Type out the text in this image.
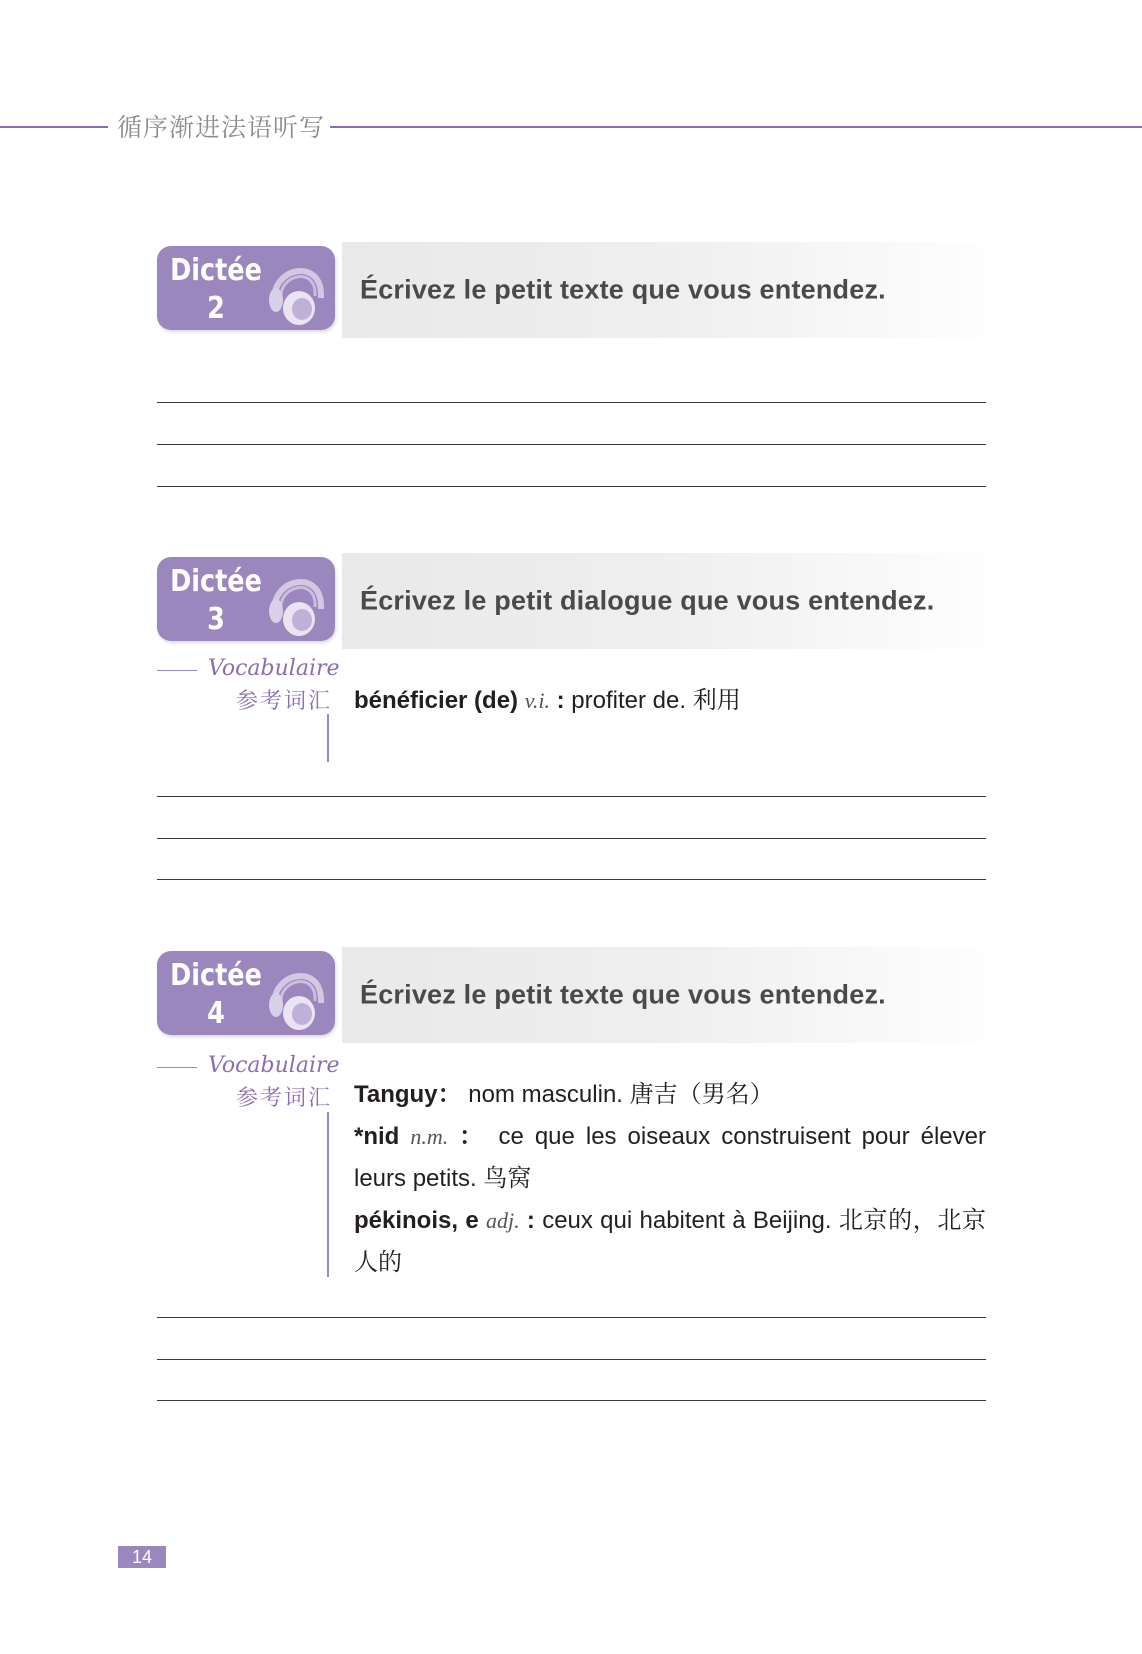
循序渐进法语听写
Dictée
2
Écrivez le petit texte que vous entendez.
Dictée
3
Écrivez le petit dialogue que vous entendez.
Vocabulaire
参考词汇 bénéficier (de) v.i. : profiter de. 利用
Dictée
4
Écrivez le petit texte que vous entendez.
Vocabulaire
参考词汇 Tanguy： nom masculin. 唐吉（男名）
*nid n.m. ： ce que les oiseaux construisent pour élever leurs petits. 鸟窝
pékinois, e adj. : ceux qui habitent à Beijing. 北京的，北京人的
14
